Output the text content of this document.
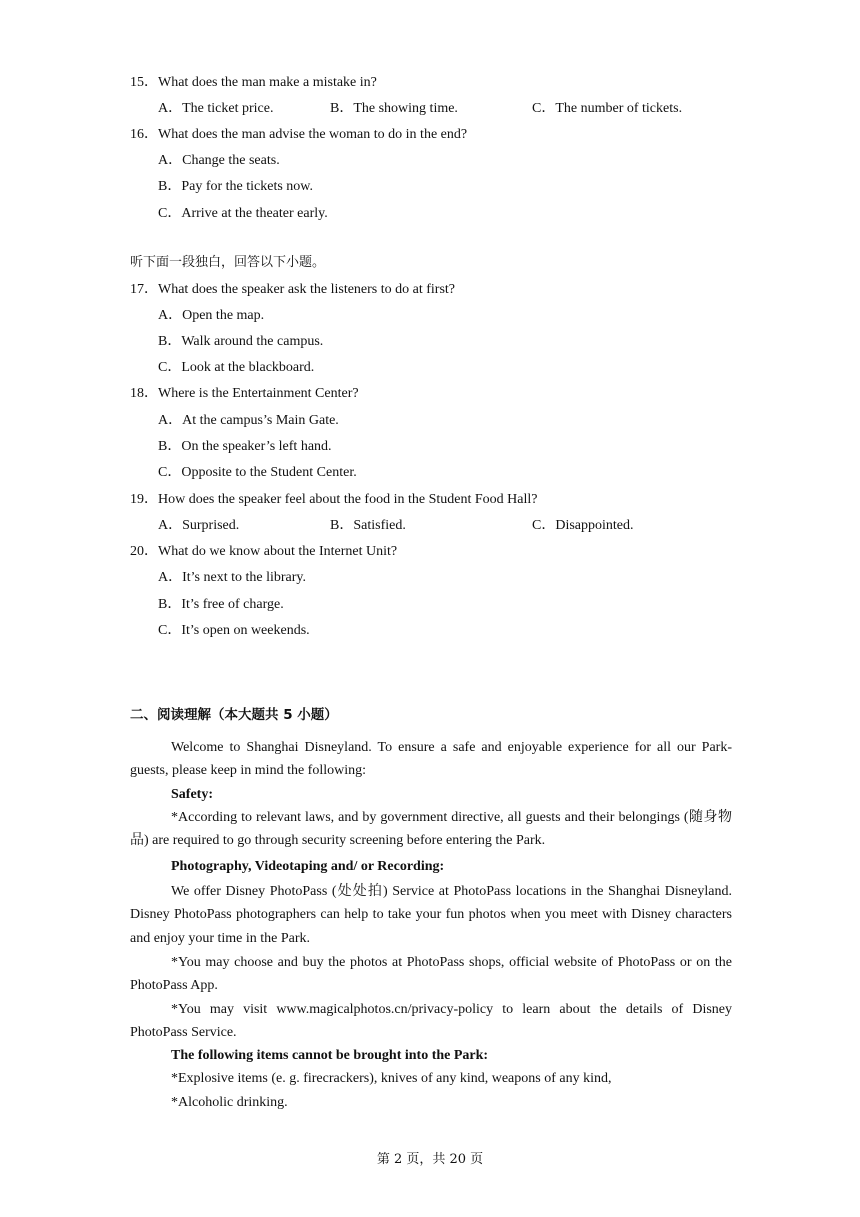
15．What does the man make a mistake in?
A．The ticket price.	B．The showing time.	C．The number of tickets.
16．What does the man advise the woman to do in the end?
A．Change the seats.
B．Pay for the tickets now.
C．Arrive at the theater early.
听下面一段独白，回答以下小题。
17．What does the speaker ask the listeners to do at first?
A．Open the map.
B．Walk around the campus.
C．Look at the blackboard.
18．Where is the Entertainment Center?
A．At the campus’s Main Gate.
B．On the speaker’s left hand.
C．Opposite to the Student Center.
19．How does the speaker feel about the food in the Student Food Hall?
A．Surprised.	B．Satisfied.	C．Disappointed.
20．What do we know about the Internet Unit?
A．It’s next to the library.
B．It’s free of charge.
C．It’s open on weekends.
二、阅读理解（本大题共 5 小题）
Welcome to Shanghai Disneyland. To ensure a safe and enjoyable experience for all our Park-guests, please keep in mind the following:
Safety:
*According to relevant laws, and by government directive, all guests and their belongings (随身物品) are required to go through security screening before entering the Park.
Photography, Videotaping and/ or Recording:
We offer Disney PhotoPass (处处拍) Service at PhotoPass locations in the Shanghai Disneyland. Disney PhotoPass photographers can help to take your fun photos when you meet with Disney characters and enjoy your time in the Park.
*You may choose and buy the photos at PhotoPass shops, official website of PhotoPass or on the PhotoPass App.
*You may visit www.magicalphotos.cn/privacy-policy to learn about the details of Disney PhotoPass Service.
The following items cannot be brought into the Park:
*Explosive items (e. g. firecrackers), knives of any kind, weapons of any kind,
*Alcoholic drinking.
第 2 页，共 20 页
